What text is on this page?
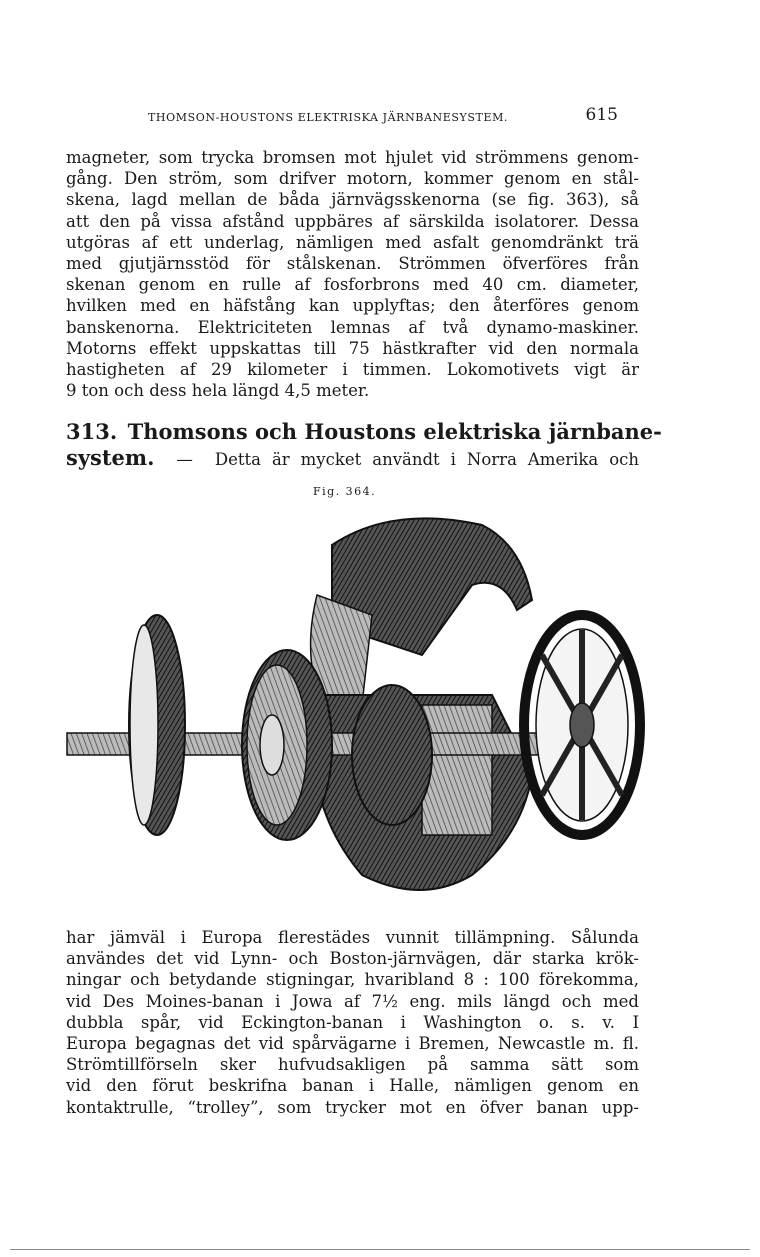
THOMSON-HOUSTONS ELEKTRISKA JÄRNBANESYSTEM.	615
magneter, som trycka bromsen mot hjulet vid strömmens genom-
gång. Den ström, som drifver motorn, kommer genom en stål-
skena, lagd mellan de båda järnvägsskenorna (se fig. 363), så
att den på vissa afstånd uppbäres af särskilda isolatorer. Dessa
utgöras af ett underlag, nämligen med asfalt genomdränkt trä
med gjutjärnsstöd för stålskenan. Strömmen öfverföres från
skenan genom en rulle af fosforbrons med 40 cm. diameter,
hvilken med en häfstång kan upplyftas; den återföres genom
banskenorna. Elektriciteten lemnas af två dynamo-maskiner.
Motorns effekt uppskattas till 75 hästkrafter vid den normala
hastigheten af 29 kilometer i timmen. Lokomotivets vigt är
9 ton och dess hela längd 4,5 meter.
313. Thomsons och Houstons elektriska järnbane-
system. — Detta är mycket användt i Norra Amerika och
Fig. 364.
har jämväl i Europa flerestädes vunnit tillämpning. Sålunda
användes det vid Lynn- och Boston-järnvägen, där starka krök-
ningar och betydande stigningar, hvaribland 8 : 100 förekomma,
vid Des Moines-banan i Jowa af 7½ eng. mils längd och med
dubbla spår, vid Eckington-banan i Washington o. s. v. I
Europa begagnas det vid spårvägarne i Bremen, Newcastle m. fl.
Strömtillförseln sker hufvudsakligen på samma sätt som
vid den förut beskrifna banan i Halle, nämligen genom en
kontaktrulle, “trolley”, som trycker mot en öfver banan upp-
